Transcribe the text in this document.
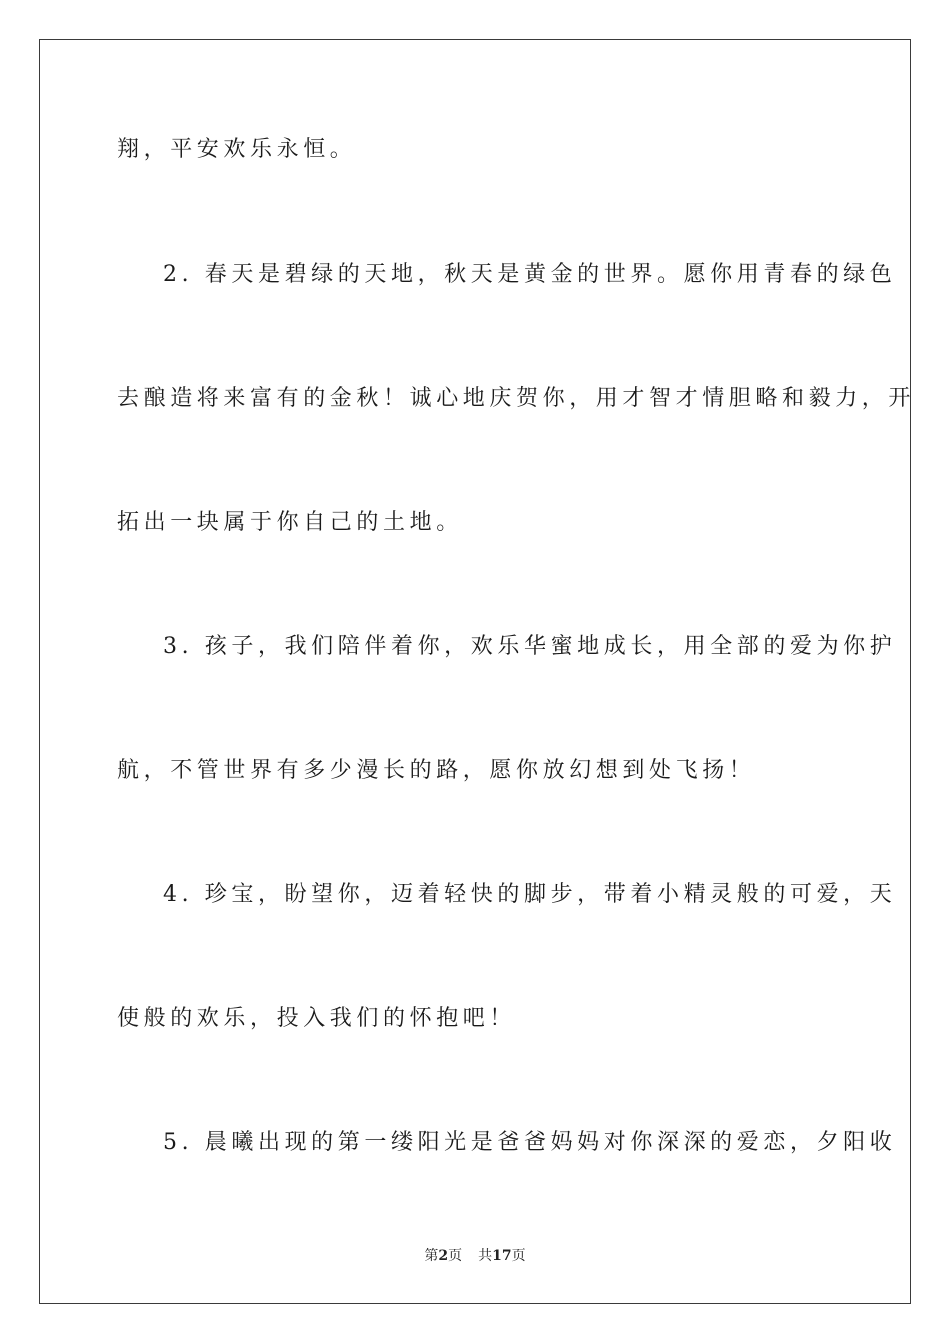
翔，平安欢乐永恒。
2. 春天是碧绿的天地，秋天是黄金的世界。愿你用青春的绿色
去酿造将来富有的金秋！诚心地庆贺你，用才智才情胆略和毅力，开
拓出一块属于你自己的土地。
3. 孩子，我们陪伴着你，欢乐华蜜地成长，用全部的爱为你护
航，不管世界有多少漫长的路，愿你放幻想到处飞扬！
4. 珍宝，盼望你，迈着轻快的脚步，带着小精灵般的可爱，天
使般的欢乐，投入我们的怀抱吧！
5. 晨曦出现的第一缕阳光是爸爸妈妈对你深深的爱恋，夕阳收
第2页 共17页
